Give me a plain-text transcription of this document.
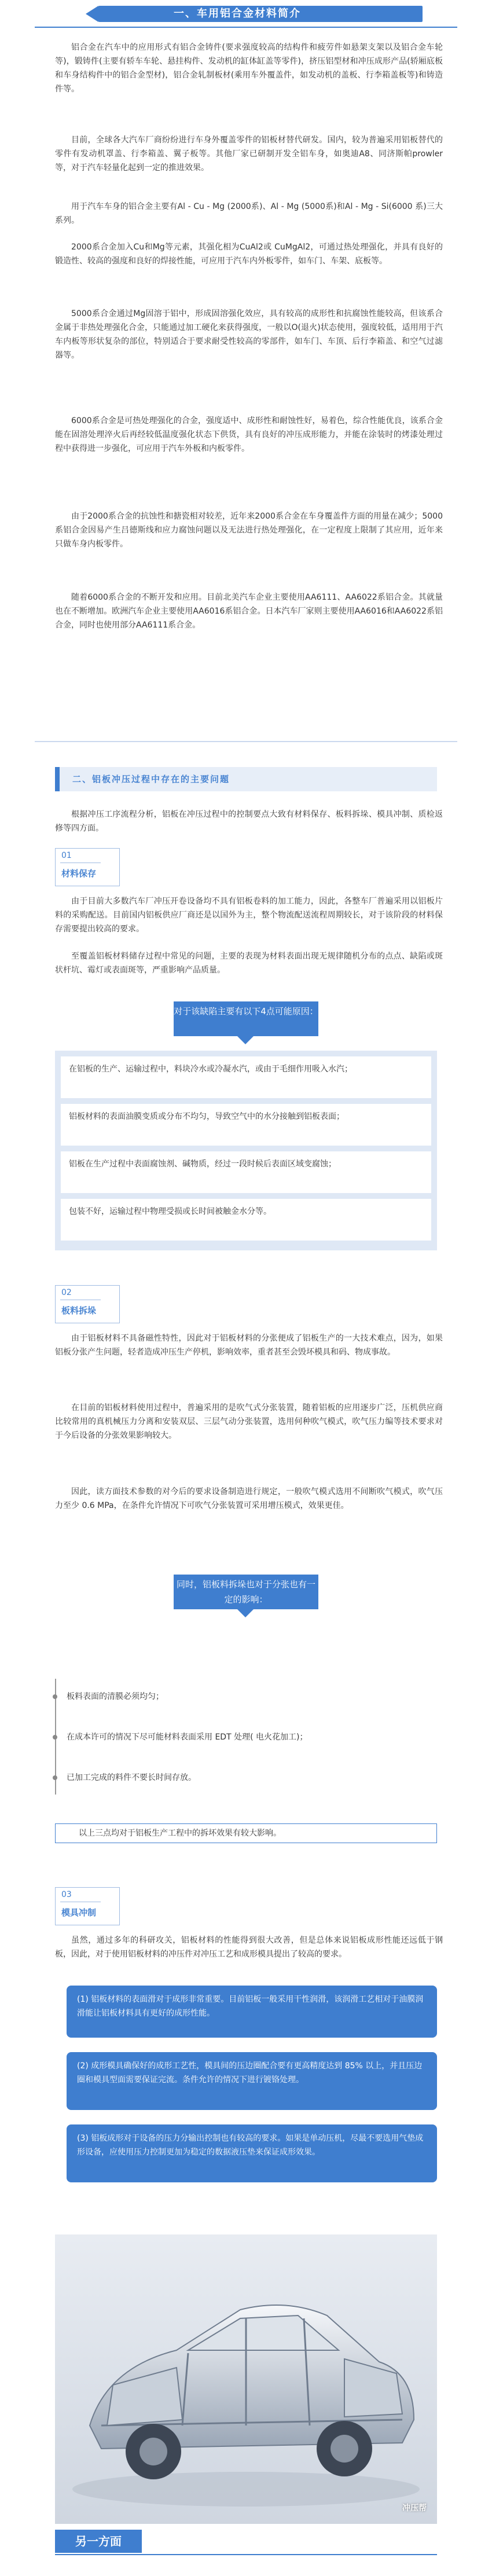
一、车用铝合金材料简介

铝合金在汽车中的应用形式有铝合金铸件(要求强度较高的结构件和疲劳件如悬架支架以及铝合金车轮等)，锻铸件(主要有轿车车轮、悬挂构件、发动机的缸体缸盖等零件)，挤压铝型材和冲压成形产品(轿厢底板和车身结构件中的铝合金型材)，铝合金轧制板材(乘用车外覆盖件，如发动机的盖板、行李箱盖板等)和铸造件等。

目前，全球各大汽车厂商纷纷进行车身外覆盖零件的铝板材替代研发。国内，较为普遍采用铝板替代的零件有发动机罩盖、行李箱盖、翼子板等。其他厂家已研制开发全铝车身，如奥迪A8、同济斯帕prowler等，对于汽车轻量化起到一定的推进效果。

用于汽车车身的铝合金主要有Al - Cu - Mg (2000系)、Al - Mg (5000系)和Al - Mg - Si(6000 系)三大系列。

2000系合金加入Cu和Mg等元素，其强化相为CuAl2或 CuMgAl2，可通过热处理强化，并具有良好的锻造性、较高的强度和良好的焊接性能，可应用于汽车内外板零件，如车门、车架、底板等。

5000系合金通过Mg固溶于铝中，形成固溶强化效应，具有较高的成形性和抗腐蚀性能较高，但该系合金属于非热处理强化合金，只能通过加工硬化来获得强度，一般以O(退火)状态使用，强度较低，适用用于汽车内板等形状复杂的部位，特别适合于要求耐受性较高的零部件，如车门、车顶、后行李箱盖、和空气过滤器等。

6000系合金是可热处理强化的合金，强度适中、成形性和耐蚀性好，易着色，综合性能优良，该系合金能在固溶处理淬火后再经较低温度强化状态下供货，具有良好的冲压成形能力，并能在涂装时的烤漆处理过程中获得进一步强化，可应用于汽车外板和内板零件。

由于2000系合金的抗蚀性和搪瓷相对较差，近年来2000系合金在车身覆盖件方面的用量在减少；5000系铝合金因易产生吕德斯线和应力腐蚀问题以及无法进行热处理强化，在一定程度上限制了其应用，近年来只做车身内板零件。

随着6000系合金的不断开发和应用。目前北美汽车企业主要使用AA6111、AA6022系铝合金。其就量也在不断增加。欧洲汽车企业主要使用AA6016系铝合金。日本汽车厂家则主要使用AA6016和AA6022系铝合金，同时也使用部分AA6111系合金。

二、铝板冲压过程中存在的主要问题

根据冲压工序流程分析，铝板在冲压过程中的控制要点大致有材料保存、板料拆垛、模具冲制、质检返修等四方面。

01
材料保存

由于目前大多数汽车厂冲压开卷设备均不具有铝板卷料的加工能力，因此，各整车厂普遍采用以铝板片料的采购配送。目前国内铝板供应厂商还是以国外为主，整个物流配送流程周期较长，对于该阶段的材料保存需要提出较高的要求。

至覆盖铝板材料储存过程中常见的问题，主要的表现为材料表面出现无规律随机分布的点点、缺陷或斑状杆坑、霉灯或表面斑等，严重影响产品质量。

对于该缺陷主要有以下4点可能原因：
在铝板的生产、运输过程中，料块冷水或冷凝水汽，或由于毛细作用吸入水汽；
铝板材料的表面油膜变质或分布不均匀，导致空气中的水分接触到铝板表面；
铝板在生产过程中表面腐蚀剂、碱物质，经过一段时候后表面区域变腐蚀；
包装不好，运输过程中物理受损或长时间被触金水分等。
02
板料拆垛

由于铝板材料不具备磁性特性，因此对于铝板材料的分张便成了铝板生产的一大技术难点，因为，如果铝板分张产生问题，轻者造成冲压生产停机，影响效率，重者甚至会毁坏模具和码、物成事故。

在目前的铝板材料使用过程中，普遍采用的是吹气式分张装置，随着铝板的应用逐步广泛，压机供应商比较常用的真机械压力分离和安装双层、三层气动分张装置，选用何种吹气模式，吹气压力编等技术要求对于今后设备的分张效果影响较大。

因此，读方面技术参数的对今后的要求设备制造进行规定，一般吹气模式选用不间断吹气模式，吹气压力至少 0.6 MPa，在条件允许情况下可吹气分张装置可采用增压模式，效果更佳。

同时，铝板料拆垛也对于分张也有一定的影响：
板料表面的清膜必须均匀；
在成本许可的情况下尽可能材料表面采用 EDT 处理( 电火花加工)；
已加工完成的料件不要长时间存放。
以上三点均对于铝板生产工程中的拆坏效果有较大影响。
03
模具冲制

虽然，通过多年的科研攻关，铝板材料的性能得到很大改善，但是总体来说铝板成形性能还远低于钢板，因此，对于使用铝板材料的冲压件对冲压工艺和成形模具提出了较高的要求。

(1) 铝板材料的表面滑对于成形非常重要。目前铝板一般采用干性润滑，该润滑工艺相对于油膜润滑能让铝板材料具有更好的成形性能。
(2) 成形模具确保好的成形工艺性，模具间的压边圈配合要有更高精度达到 85% 以上，并且压边圈和模具型面需要保证完流。条件允许的情况下进行镀铬处理。
(3) 铝板成形对于设备的压力分输出控制也有较高的要求。如果是单动压机，尽最不要选用气垫成形设备，应使用压力控制更加为稳定的数据液压垫来保证成形效果。
冲压帮
另一方面
